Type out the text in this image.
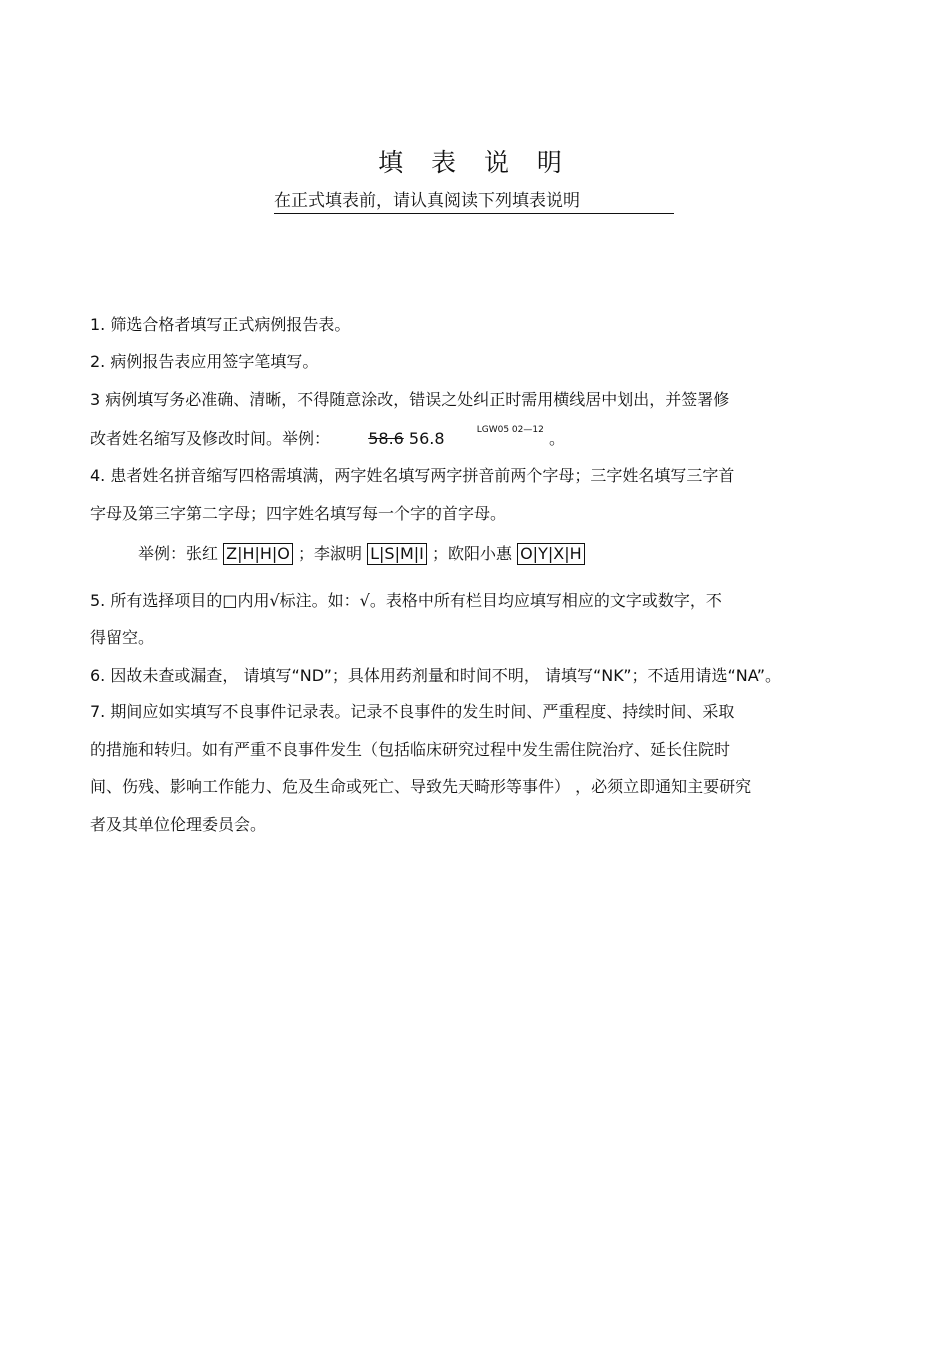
填 表 说 明
在正式填表前，请认真阅读下列填表说明
1. 筛选合格者填写正式病例报告表。
2. 病例报告表应用签字笔填写。
3 病例填写务必准确、清晰，不得随意涂改，错误之处纠正时需用横线居中划出，并签署修
改者姓名缩写及修改时间。举例： 58.6 56.8	$^{LGW05 02—12}$ 。
4. 患者姓名拼音缩写四格需填满，两字姓名填写两字拼音前两个字母；三字姓名填写三字首
字母及第三字第二字母；四字姓名填写每一个字的首字母。
举例：张红 Z|H|H|O ；李淑明 L|S|M|I ；欧阳小惠 O|Y|X|H
5. 所有选择项目的□内用√标注。如：√。表格中所有栏目均应填写相应的文字或数字，不
得留空。
6. 因故未查或漏查， 请填写“ND”；具体用药剂量和时间不明， 请填写“NK”；不适用请选“NA”。
7. 期间应如实填写不良事件记录表。记录不良事件的发生时间、严重程度、持续时间、采取
的措施和转归。如有严重不良事件发生（包括临床研究过程中发生需住院治疗、延长住院时
间、伤残、影响工作能力、危及生命或死亡、导致先天畸形等事件） ，必须立即通知主要研究
者及其单位伦理委员会。
